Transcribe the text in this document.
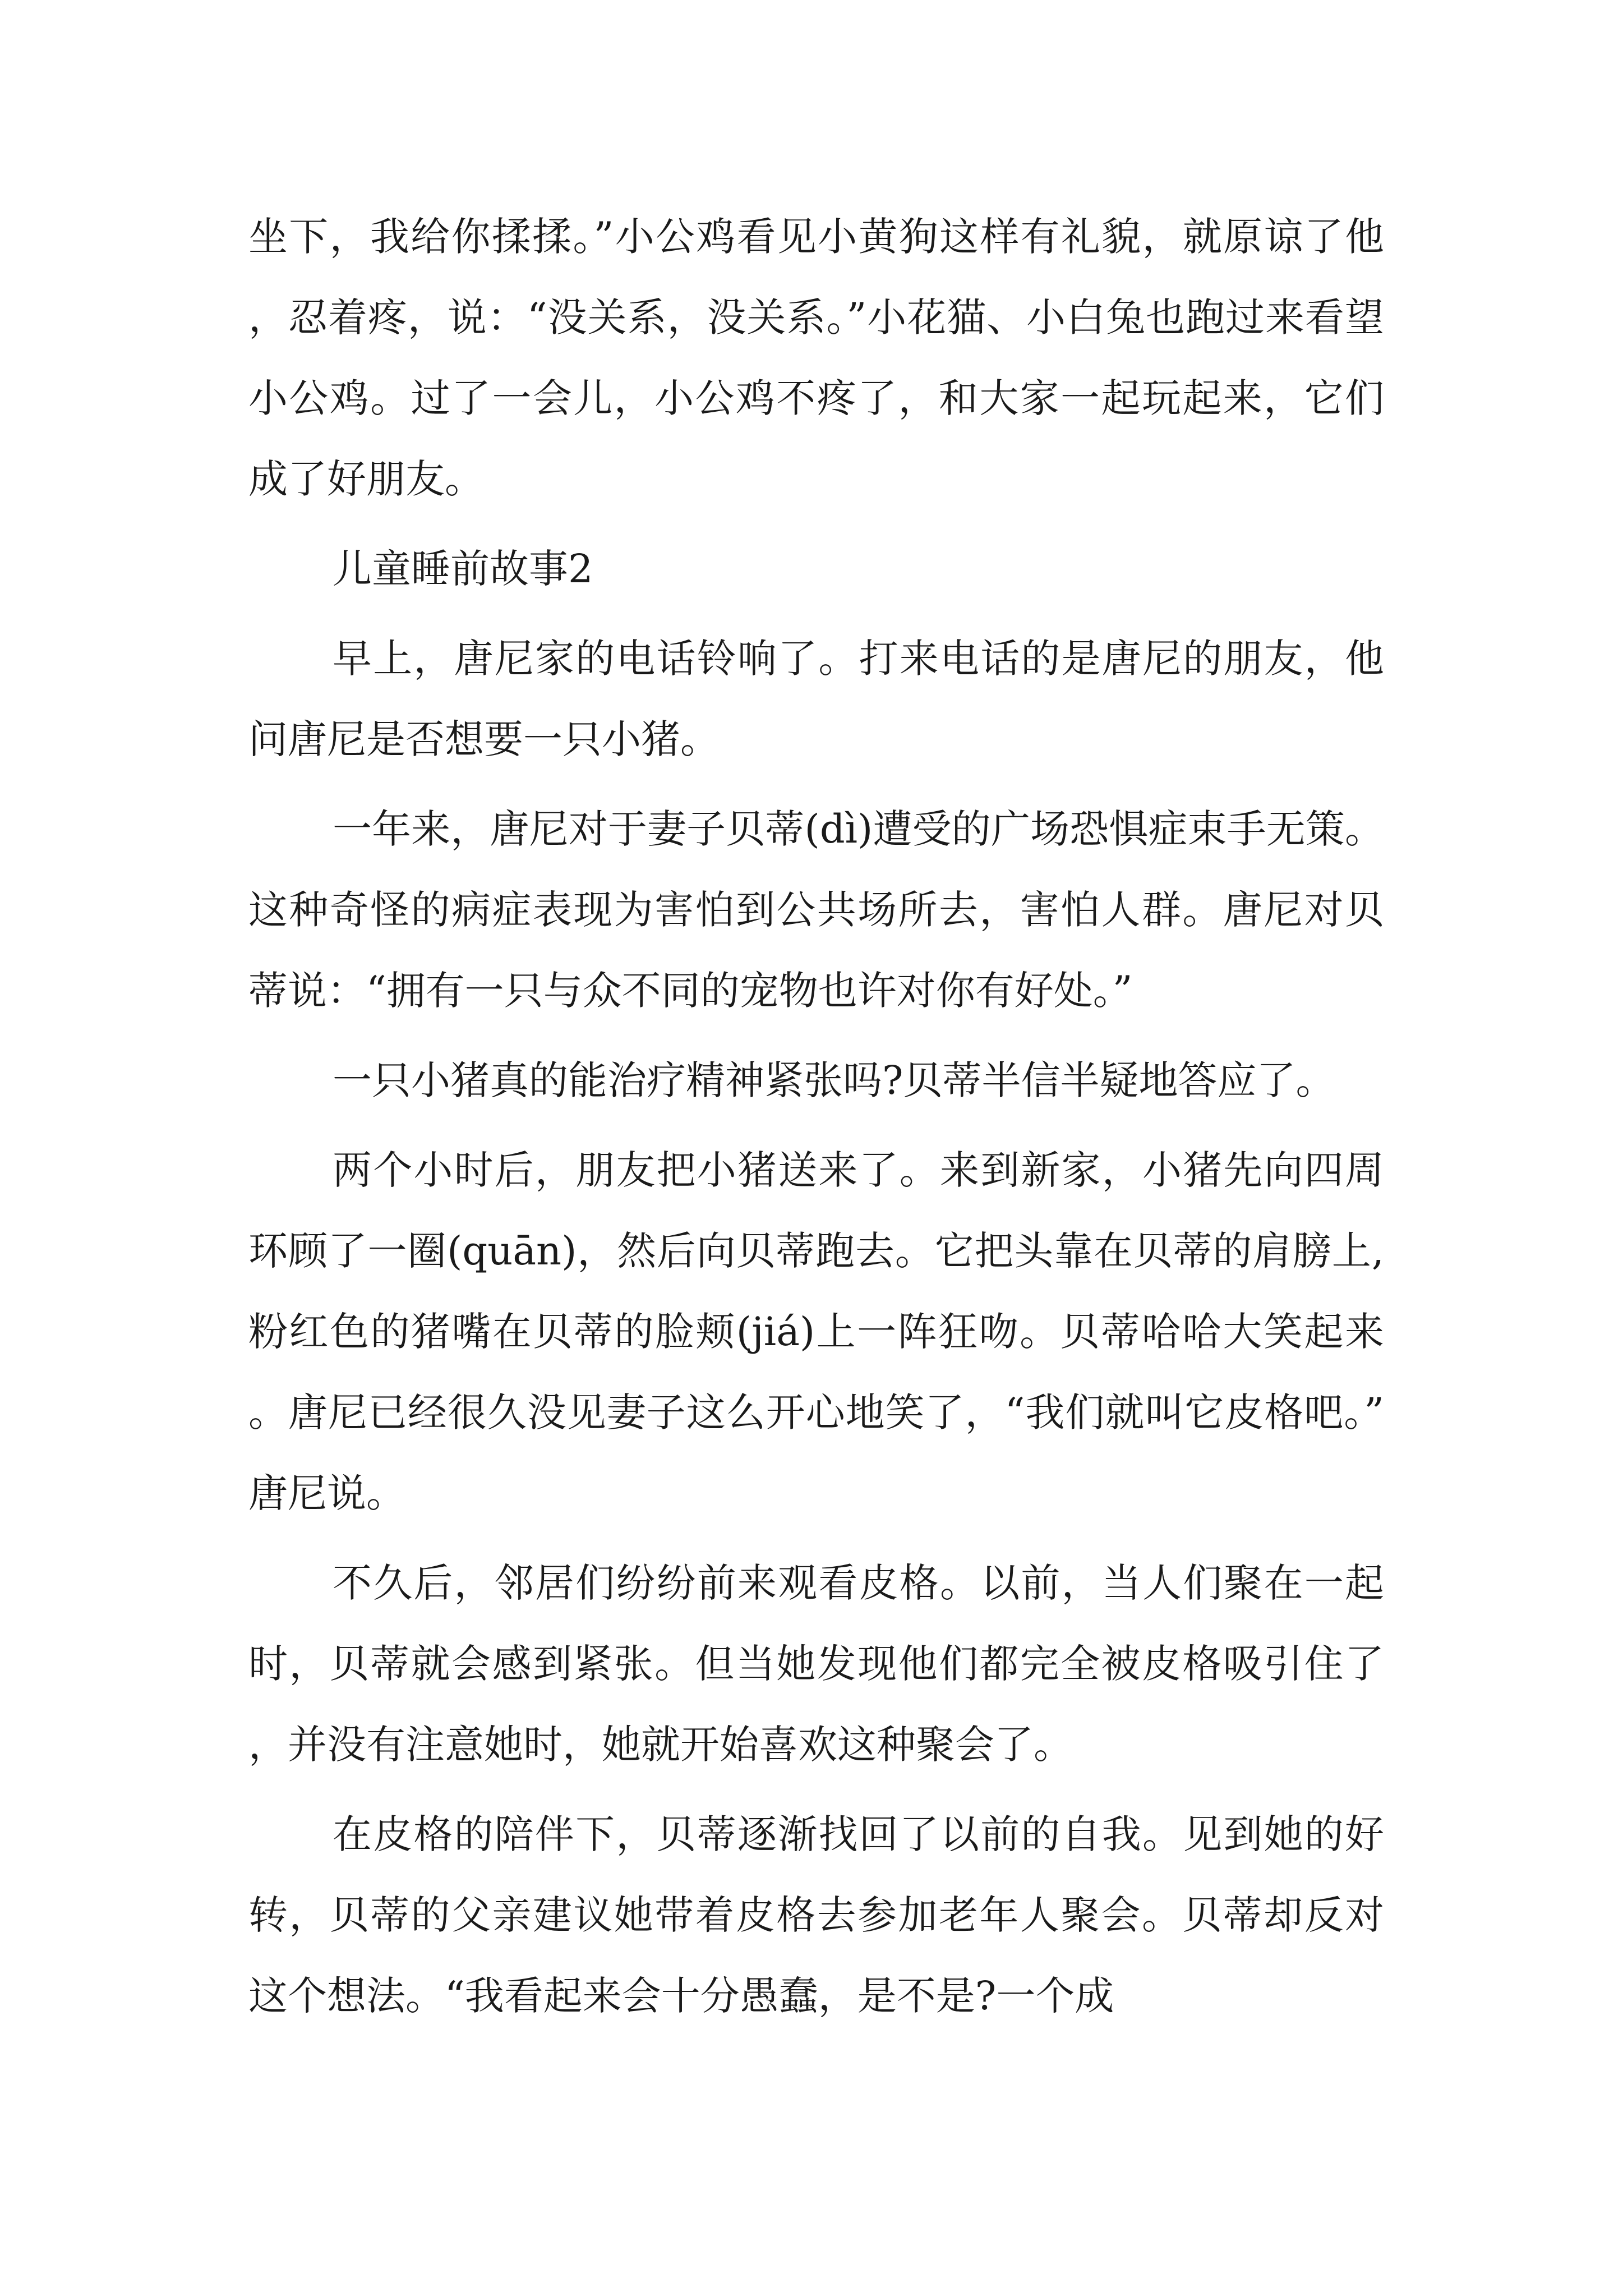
坐下，我给你揉揉。”小公鸡看见小黄狗这样有礼貌，就原谅了他，忍着疼，说：“没关系，没关系。”小花猫、小白兔也跑过来看望小公鸡。过了一会儿，小公鸡不疼了，和大家一起玩起来，它们成了好朋友。

儿童睡前故事2

早上，唐尼家的电话铃响了。打来电话的是唐尼的朋友，他问唐尼是否想要一只小猪。

一年来，唐尼对于妻子贝蒂(dì)遭受的广场恐惧症束手无策。这种奇怪的病症表现为害怕到公共场所去，害怕人群。唐尼对贝蒂说：“拥有一只与众不同的宠物也许对你有好处。”

一只小猪真的能治疗精神紧张吗?贝蒂半信半疑地答应了。

两个小时后，朋友把小猪送来了。来到新家，小猪先向四周环顾了一圈(quān)，然后向贝蒂跑去。它把头靠在贝蒂的肩膀上,粉红色的猪嘴在贝蒂的脸颊(jiá)上一阵狂吻。贝蒂哈哈大笑起来。唐尼已经很久没见妻子这么开心地笑了，“我们就叫它皮格吧。”唐尼说。

不久后，邻居们纷纷前来观看皮格。以前，当人们聚在一起时，贝蒂就会感到紧张。但当她发现他们都完全被皮格吸引住了，并没有注意她时，她就开始喜欢这种聚会了。

在皮格的陪伴下，贝蒂逐渐找回了以前的自我。见到她的好转，贝蒂的父亲建议她带着皮格去参加老年人聚会。贝蒂却反对这个想法。“我看起来会十分愚蠢，是不是?一个成
